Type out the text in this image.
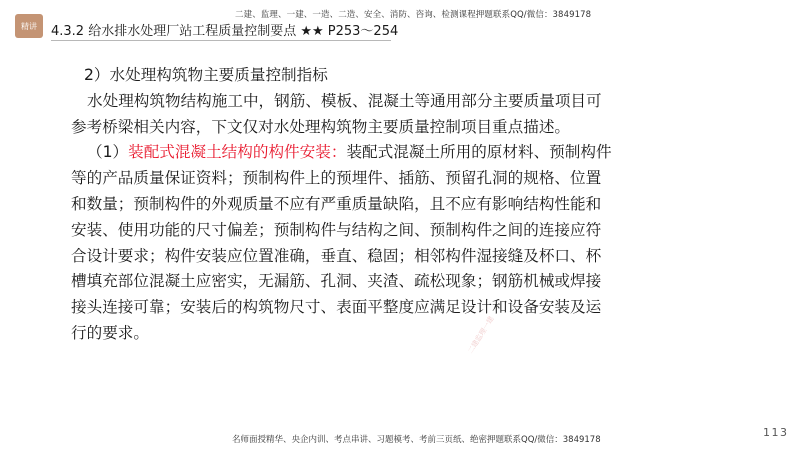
二建、监理、一建、一造、二造、安全、消防、咨询、检测课程押题联系QQ/微信：3849178
精讲	4.3.2 给水排水处理厂站工程质量控制要点 ★★ P253～254

2）水处理构筑物主要质量控制指标

水处理构筑物结构施工中，钢筋、模板、混凝土等通用部分主要质量项目可参考桥梁相关内容，下文仅对水处理构筑物主要质量控制项目重点描述。

（1）装配式混凝土结构的构件安装：装配式混凝土所用的原材料、预制构件等的产品质量保证资料；预制构件上的预埋件、插筋、预留孔洞的规格、位置和数量；预制构件的外观质量不应有严重质量缺陷，且不应有影响结构性能和安装、使用功能的尺寸偏差；预制构件与结构之间、预制构件之间的连接应符合设计要求；构件安装应位置准确，垂直、稳固；相邻构件湿接缝及杯口、杯槽填充部位混凝土应密实，无漏筋、孔洞、夹渣、疏松现象；钢筋机械或焊接接头连接可靠；安装后的构筑物尺寸、表面平整度应满足设计和设备安装及运行的要求。	二建监理一建
名师面授精华、央企内训、考点串讲、习题模考、考前三页纸、绝密押题联系QQ/微信：3849178
113
